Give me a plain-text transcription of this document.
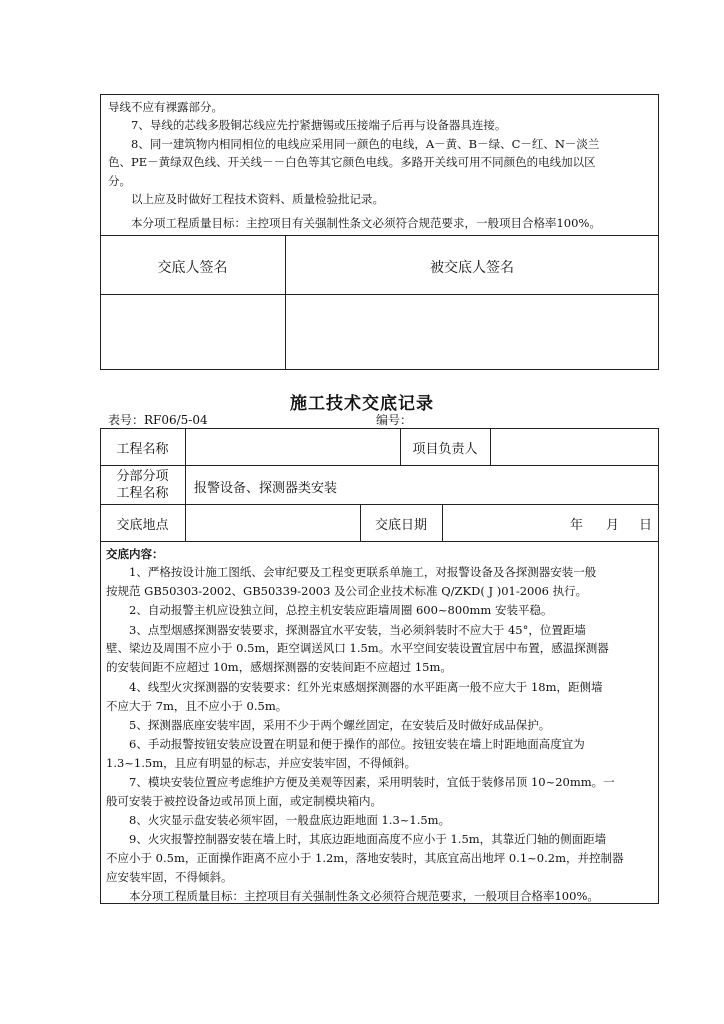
导线不应有裸露部分。
　　7、导线的芯线多股铜芯线应先拧紧搪锡或压接端子后再与设备器具连接。
　　8、同一建筑物内相同相位的电线应采用同一颜色的电线，A－黄、B－绿、C－红、N－淡兰
色、PE－黄绿双色线、开关线－－白色等其它颜色电线。多路开关线可用不同颜色的电线加以区
分。
　　以上应及时做好工程技术资料、质量检验批记录。
　　本分项工程质量目标：主控项目有关强制性条文必须符合规范要求，一般项目合格率100%。
交底人签名	被交底人签名
施工技术交底记录
表号：RF06/5-04	编号：
工程名称	项目负责人
分部分项
工程名称	报警设备、探测器类安装
交底地点	交底日期	年 月 日
交底内容：
　　1、严格按设计施工图纸、会审纪要及工程变更联系单施工，对报警设备及各探测器安装一般
按规范 GB50303-2002、GB50339-2003 及公司企业技术标准 Q/ZKD( J )01-2006 执行。
　　2、自动报警主机应设独立间，总控主机安装应距墙周圈 600~800mm 安装平稳。
　　3、点型烟感探测器安装要求，探测器宜水平安装，当必须斜装时不应大于 45°，位置距墙
壁、梁边及周围不应小于 0.5m，距空调送风口 1.5m。水平空间安装设置宜居中布置，感温探测器
的安装间距不应超过 10m，感烟探测器的安装间距不应超过 15m。
　　4、线型火灾探测器的安装要求：红外光束感烟探测器的水平距离一般不应大于 18m，距侧墙
不应大于 7m，且不应小于 0.5m。
　　5、探测器底座安装牢固，采用不少于两个螺丝固定，在安装后及时做好成品保护。
　　6、手动报警按钮安装应设置在明显和便于操作的部位。按钮安装在墙上时距地面高度宜为
1.3~1.5m，且应有明显的标志，并应安装牢固，不得倾斜。
　　7、模块安装位置应考虑维护方便及美观等因素，采用明装时，宜低于装修吊顶 10~20mm。一
般可安装于被控设备边或吊顶上面，或定制模块箱内。
　　8、火灾显示盘安装必须牢固，一般盘底边距地面 1.3~1.5m。
　　9、火灾报警控制器安装在墙上时，其底边距地面高度不应小于 1.5m，其靠近门轴的侧面距墙
不应小于 0.5m，正面操作距离不应小于 1.2m，落地安装时，其底宜高出地坪 0.1~0.2m，并控制器
应安装牢固，不得倾斜。
　　本分项工程质量目标：主控项目有关强制性条文必须符合规范要求，一般项目合格率100%。
